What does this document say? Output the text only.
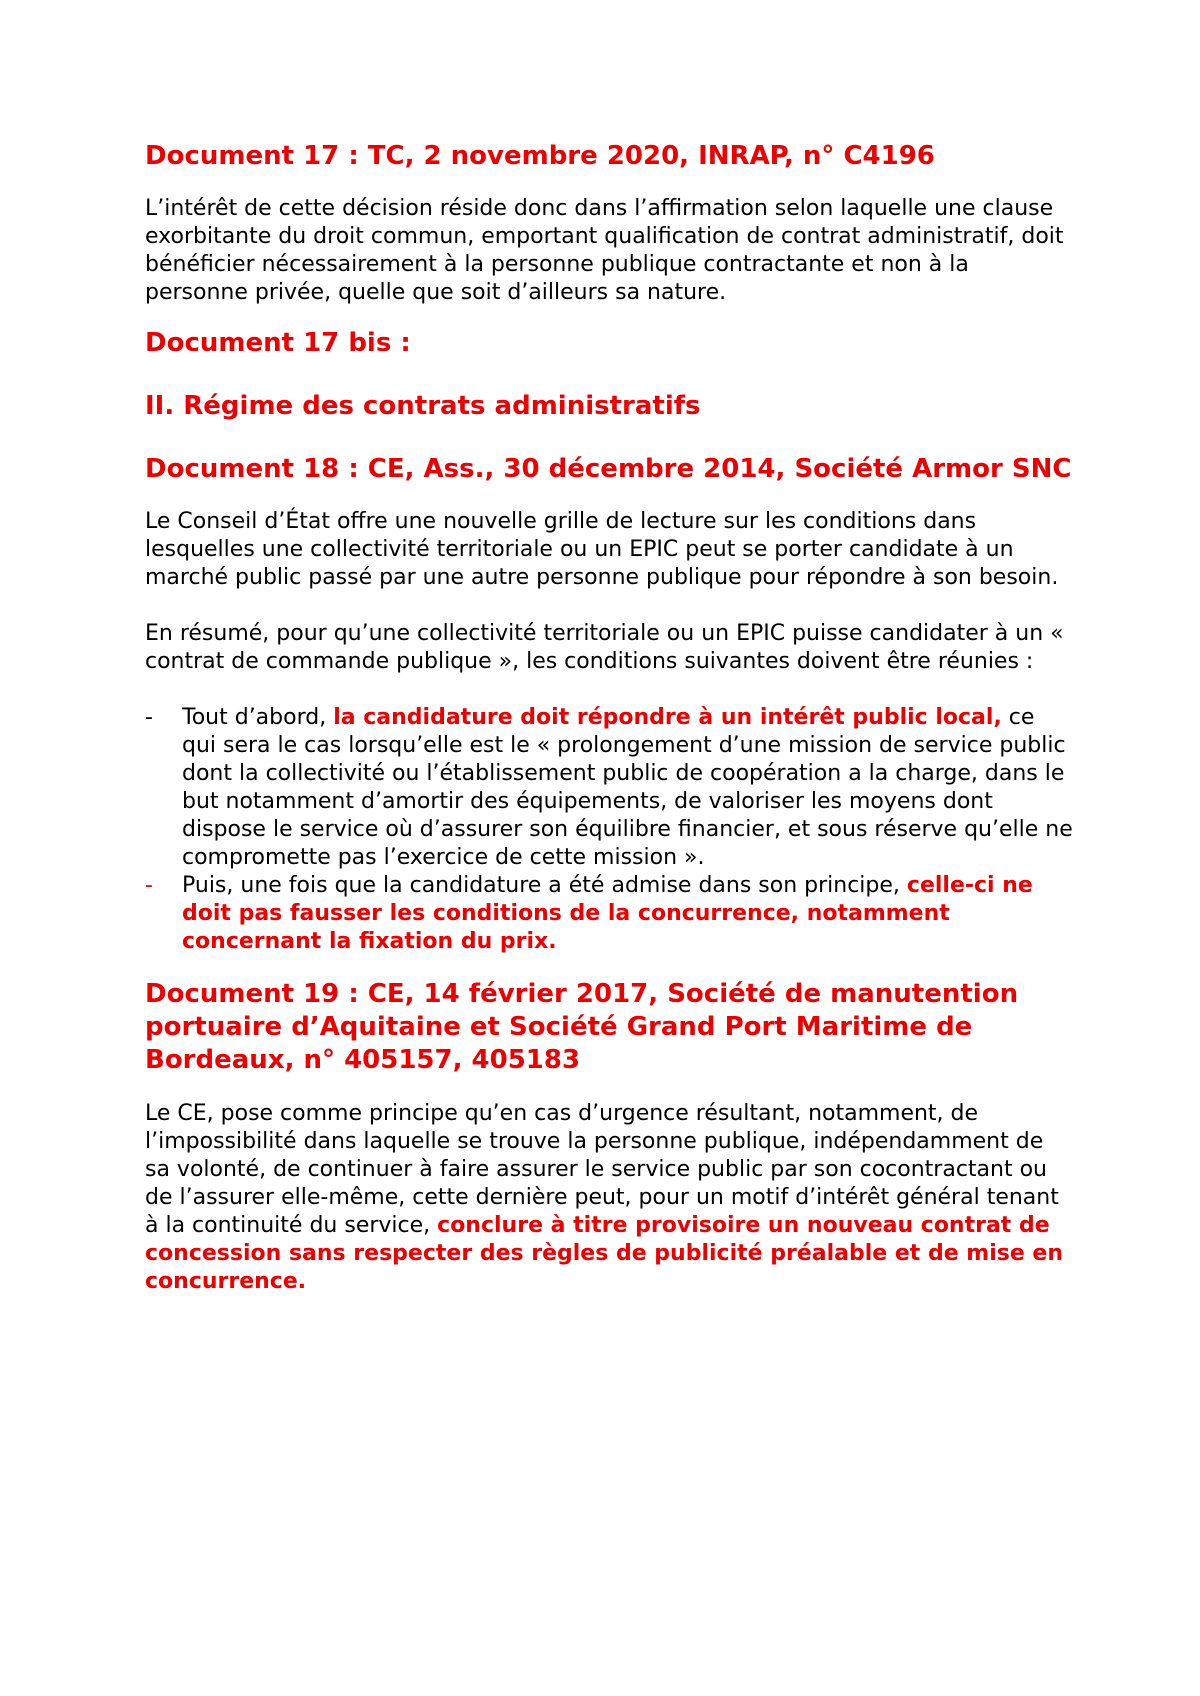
Document 17 : TC, 2 novembre 2020, INRAP, n° C4196

L’intérêt de cette décision réside donc dans l’affirmation selon laquelle une clause exorbitante du droit commun, emportant qualification de contrat administratif, doit bénéficier nécessairement à la personne publique contractante et non à la personne privée, quelle que soit d’ailleurs sa nature.

Document 17 bis :
II. Régime des contrats administratifs
Document 18 : CE, Ass., 30 décembre 2014, Société Armor SNC

Le Conseil d’État offre une nouvelle grille de lecture sur les conditions dans lesquelles une collectivité territoriale ou un EPIC peut se porter candidate à un marché public passé par une autre personne publique pour répondre à son besoin.

En résumé, pour qu’une collectivité territoriale ou un EPIC puisse candidater à un « contrat de commande publique », les conditions suivantes doivent être réunies :

- Tout d’abord, la candidature doit répondre à un intérêt public local, ce qui sera le cas lorsqu’elle est le « prolongement d’une mission de service public dont la collectivité ou l’établissement public de coopération a la charge, dans le but notamment d’amortir des équipements, de valoriser les moyens dont dispose le service où d’assurer son équilibre financier, et sous réserve qu’elle ne compromette pas l’exercice de cette mission ».
- Puis, une fois que la candidature a été admise dans son principe, celle-ci ne doit pas fausser les conditions de la concurrence, notamment concernant la fixation du prix.
Document 19 : CE, 14 février 2017, Société de manutention portuaire d’Aquitaine et Société Grand Port Maritime de Bordeaux, n° 405157, 405183

Le CE, pose comme principe qu’en cas d’urgence résultant, notamment, de l’impossibilité dans laquelle se trouve la personne publique, indépendamment de sa volonté, de continuer à faire assurer le service public par son cocontractant ou de l’assurer elle-même, cette dernière peut, pour un motif d’intérêt général tenant à la continuité du service, conclure à titre provisoire un nouveau contrat de concession sans respecter des règles de publicité préalable et de mise en concurrence.
